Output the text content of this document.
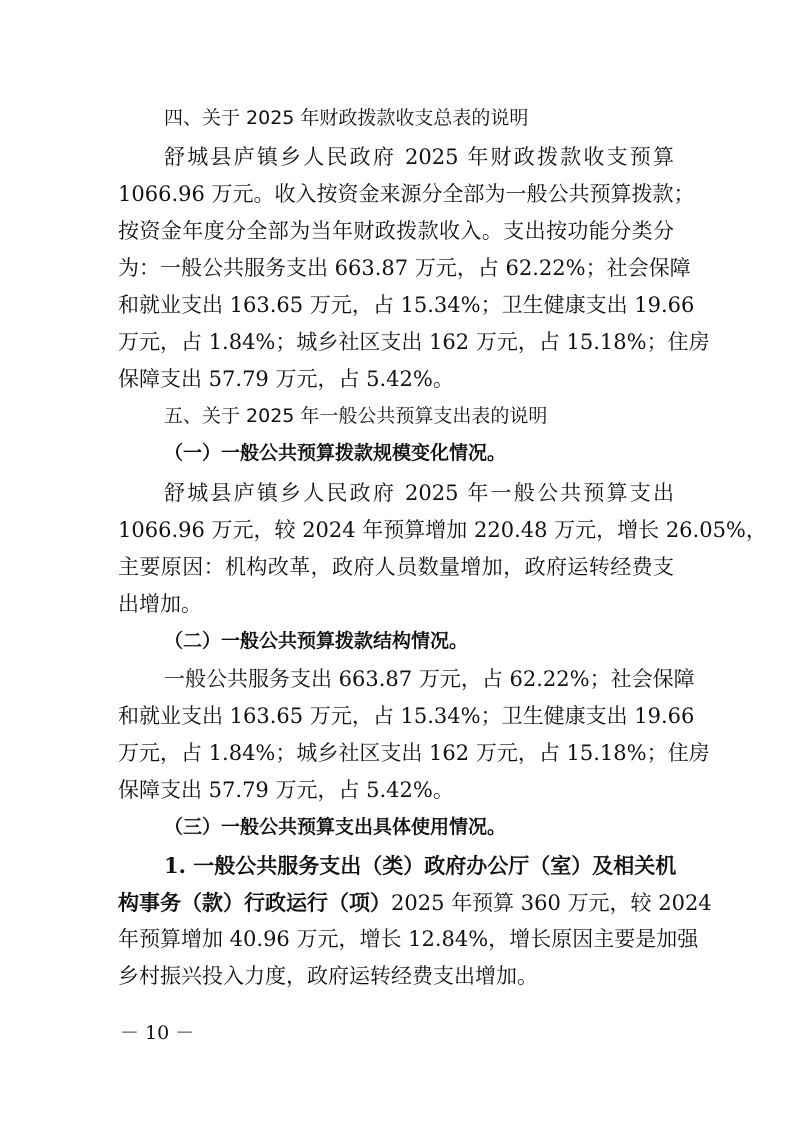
四、关于 2025 年财政拨款收支总表的说明
舒城县庐镇乡人民政府 2025 年财政拨款收支预算
1066.96 万元。收入按资金来源分全部为一般公共预算拨款；
按资金年度分全部为当年财政拨款收入。支出按功能分类分
为：一般公共服务支出 663.87 万元，占 62.22%；社会保障
和就业支出 163.65 万元，占 15.34%；卫生健康支出 19.66
万元，占 1.84%；城乡社区支出 162 万元，占 15.18%；住房
保障支出 57.79 万元，占 5.42%。
五、关于 2025 年一般公共预算支出表的说明
（一）一般公共预算拨款规模变化情况。
舒城县庐镇乡人民政府 2025 年一般公共预算支出
1066.96 万元，较 2024 年预算增加 220.48 万元，增长 26.05%，
主要原因：机构改革，政府人员数量增加，政府运转经费支
出增加。
（二）一般公共预算拨款结构情况。
一般公共服务支出 663.87 万元，占 62.22%；社会保障
和就业支出 163.65 万元，占 15.34%；卫生健康支出 19.66
万元，占 1.84%；城乡社区支出 162 万元，占 15.18%；住房
保障支出 57.79 万元，占 5.42%。
（三）一般公共预算支出具体使用情况。
1. 一般公共服务支出（类）政府办公厅（室）及相关机
构事务（款）行政运行（项）2025 年预算 360 万元，较 2024
年预算增加 40.96 万元，增长 12.84%，增长原因主要是加强
乡村振兴投入力度，政府运转经费支出增加。
－ 10 －
